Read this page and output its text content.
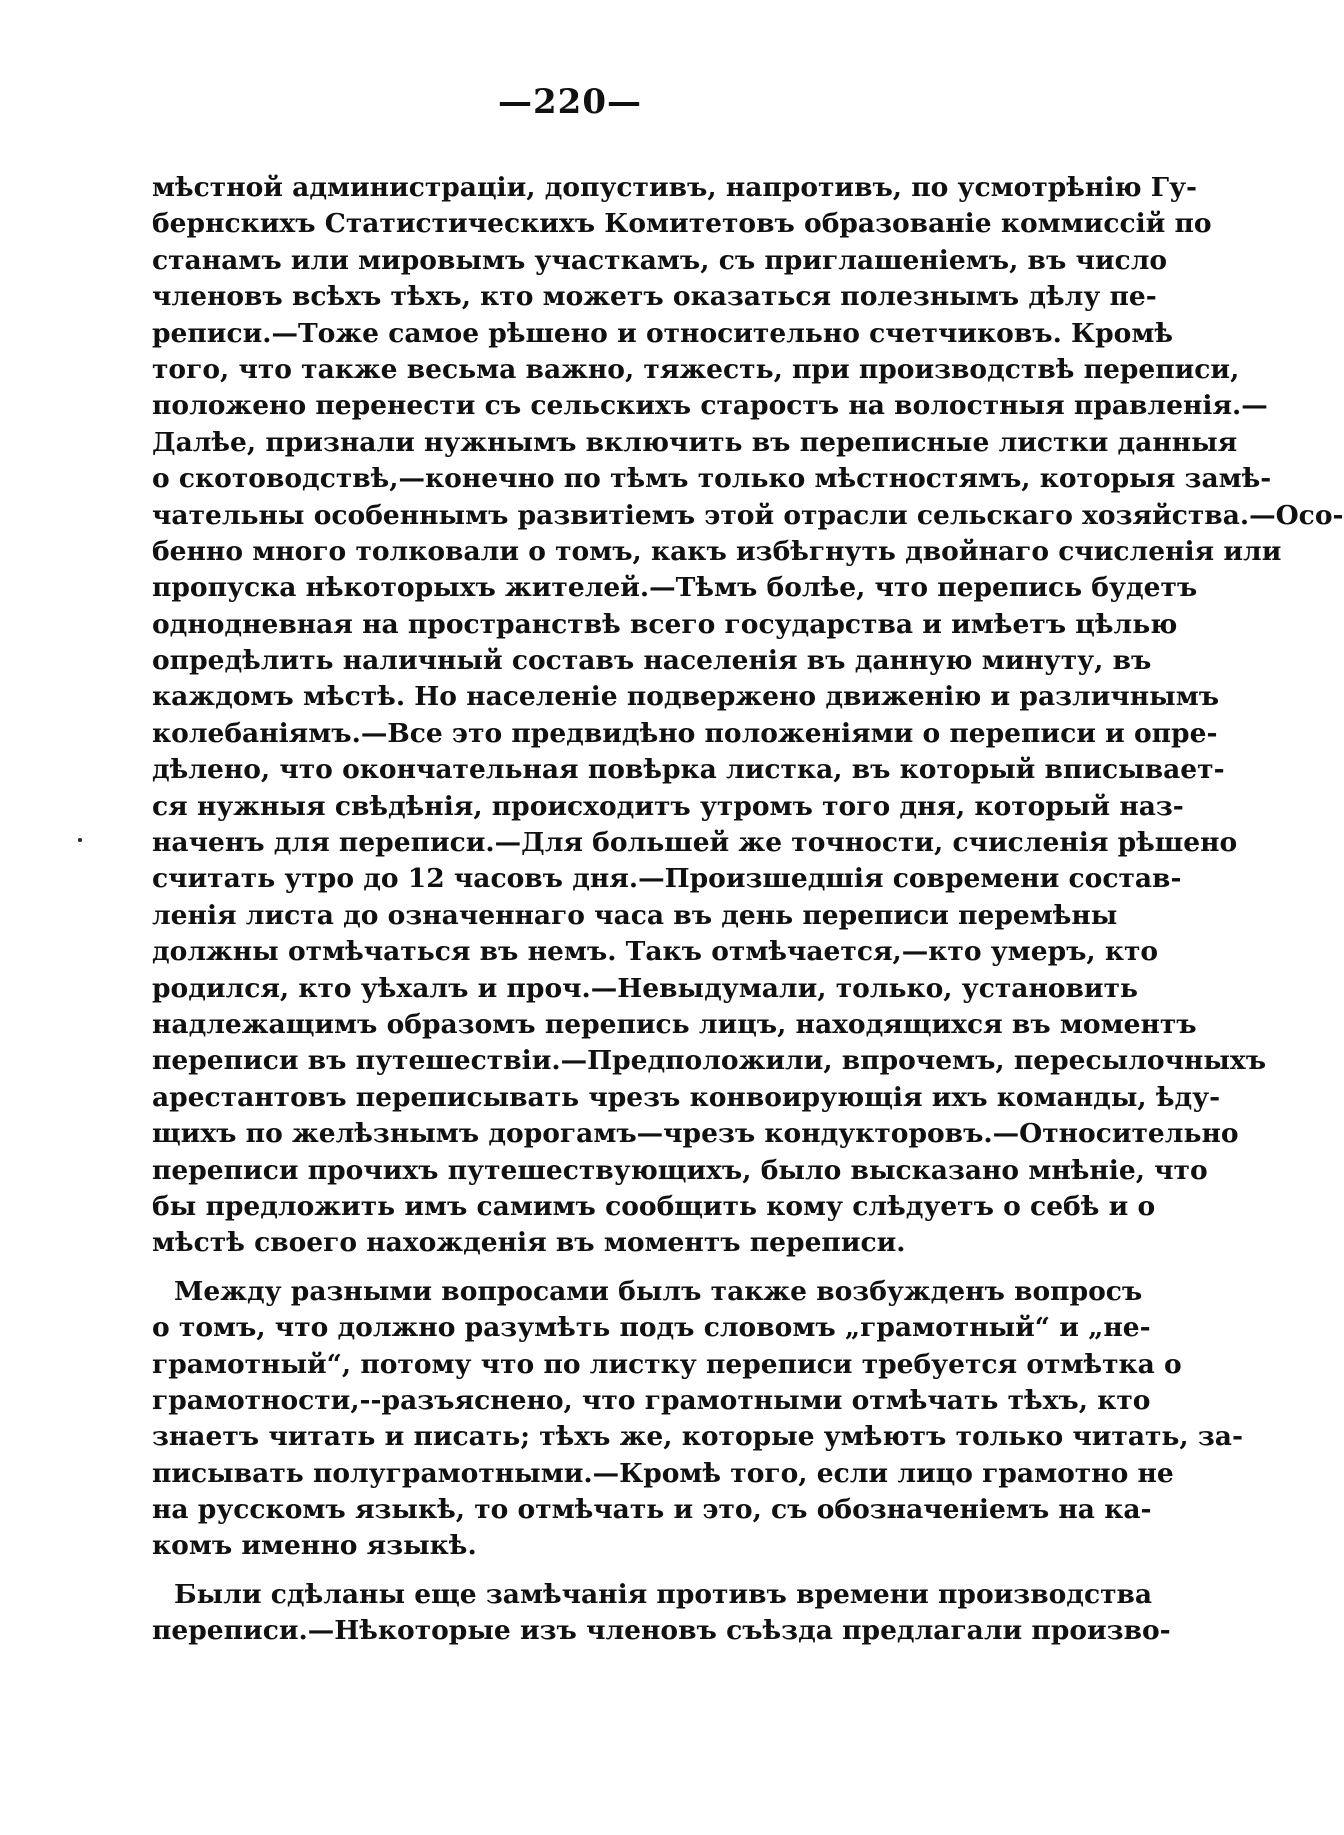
—220—
мѣстной администраціи, допустивъ, напротивъ, по усмотрѣнію Гу-
бернскихъ Статистическихъ Комитетовъ образованіе коммиссій по
станамъ или мировымъ участкамъ, съ приглашеніемъ, въ число
членовъ всѣхъ тѣхъ, кто можетъ оказаться полезнымъ дѣлу пе-
реписи.—Тоже самое рѣшено и относительно счетчиковъ. Кромѣ
того, что также весьма важно, тяжесть, при производствѣ переписи,
положено перенести съ сельскихъ старостъ на волостныя правленія.—
Далѣе, признали нужнымъ включить въ переписные листки данныя
о скотоводствѣ,—конечно по тѣмъ только мѣстностямъ, которыя замѣ-
чательны особеннымъ развитіемъ этой отрасли сельскаго хозяйства.—Осо-
бенно много толковали о томъ, какъ избѣгнуть двойнаго счисленія или
пропуска нѣкоторыхъ жителей.—Тѣмъ болѣе, что перепись будетъ
однодневная на пространствѣ всего государства и имѣетъ цѣлью
опредѣлить наличный составъ населенія въ данную минуту, въ
каждомъ мѣстѣ. Но населеніе подвержено движенію и различнымъ
колебаніямъ.—Все это предвидѣно положеніями о переписи и опре-
дѣлено, что окончательная повѣрка листка, въ который вписывает-
ся нужныя свѣдѣнія, происходитъ утромъ того дня, который наз-
наченъ для переписи.—Для большей же точности, счисленія рѣшено
считать утро до 12 часовъ дня.—Произшедшія современи состав-
ленія листа до означеннаго часа въ день переписи перемѣны
должны отмѣчаться въ немъ. Такъ отмѣчается,—кто умеръ, кто
родился, кто уѣхалъ и проч.—Невыдумали, только, установить
надлежащимъ образомъ перепись лицъ, находящихся въ моментъ
переписи въ путешествіи.—Предположили, впрочемъ, пересылочныхъ
арестантовъ переписывать чрезъ конвоирующія ихъ команды, ѣду-
щихъ по желѣзнымъ дорогамъ—чрезъ кондукторовъ.—Относительно
переписи прочихъ путешествующихъ, было высказано мнѣніе, что
бы предложить имъ самимъ сообщить кому слѣдуетъ о себѣ и о
мѣстѣ своего нахожденія въ моментъ переписи.
Между разными вопросами былъ также возбужденъ вопросъ
о томъ, что должно разумѣть подъ словомъ „грамотный“ и „не-
грамотный“, потому что по листку переписи требуется отмѣтка о
грамотности,--разъяснено, что грамотными отмѣчать тѣхъ, кто
знаетъ читать и писать; тѣхъ же, которые умѣютъ только читать, за-
писывать полуграмотными.—Кромѣ того, если лицо грамотно не
на русскомъ языкѣ, то отмѣчать и это, съ обозначеніемъ на ка-
комъ именно языкѣ.
Были сдѣланы еще замѣчанія противъ времени производства
переписи.—Нѣкоторые изъ членовъ съѣзда предлагали произво-
